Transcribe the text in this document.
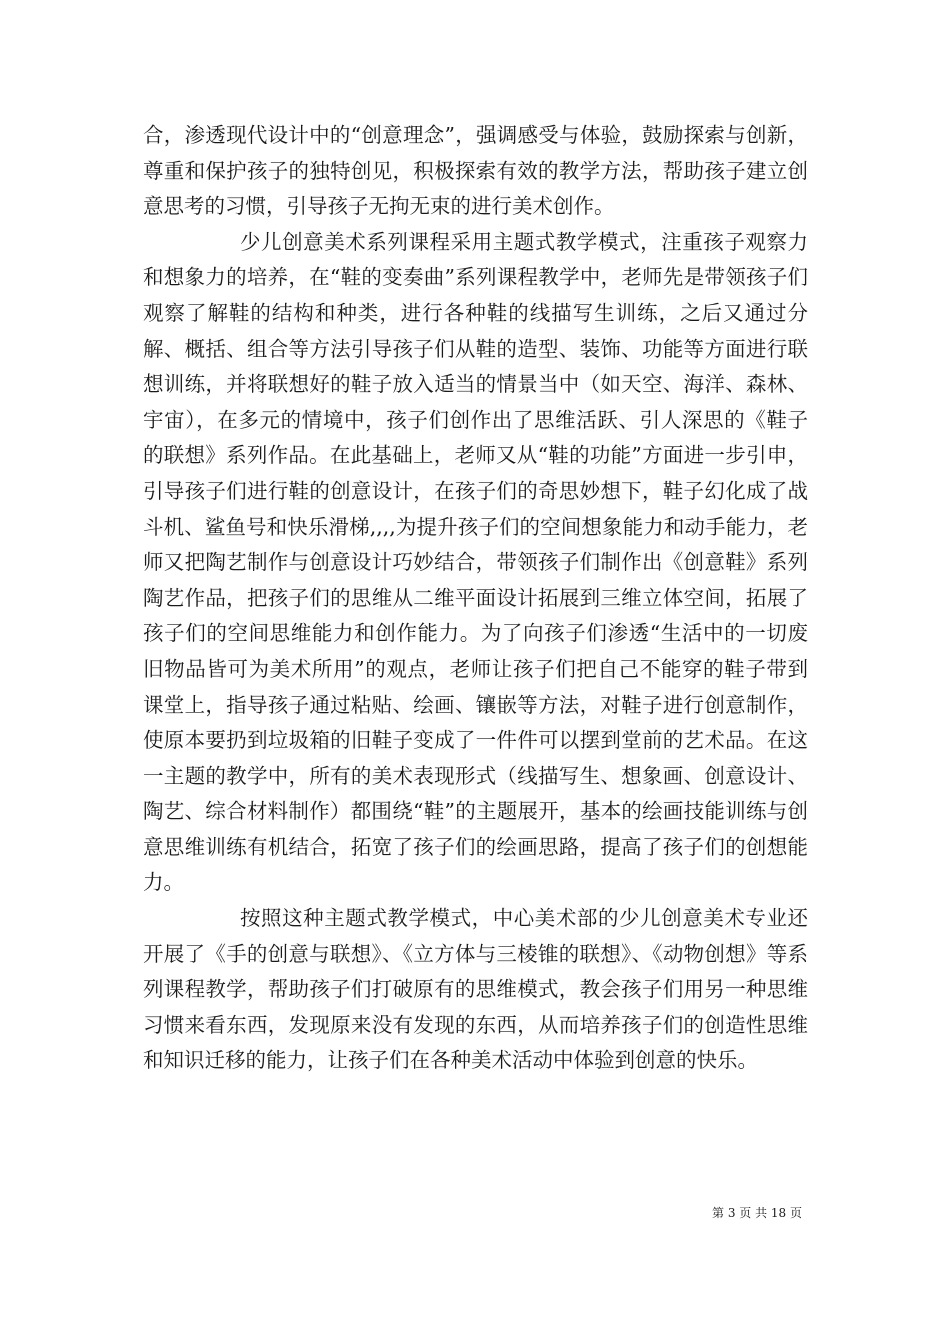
合，渗透现代设计中的“创意理念”，强调感受与体验，鼓励探索与创新，尊重和保护孩子的独特创见，积极探索有效的教学方法，帮助孩子建立创意思考的习惯，引导孩子无拘无束的进行美术创作。

少儿创意美术系列课程采用主题式教学模式，注重孩子观察力和想象力的培养，在“鞋的变奏曲”系列课程教学中，老师先是带领孩子们观察了解鞋的结构和种类，进行各种鞋的线描写生训练，之后又通过分解、概括、组合等方法引导孩子们从鞋的造型、装饰、功能等方面进行联想训练，并将联想好的鞋子放入适当的情景当中（如天空、海洋、森林、宇宙），在多元的情境中，孩子们创作出了思维活跃、引人深思的《鞋子的联想》系列作品。在此基础上，老师又从“鞋的功能”方面进一步引申，引导孩子们进行鞋的创意设计，在孩子们的奇思妙想下，鞋子幻化成了战斗机、鲨鱼号和快乐滑梯,,,,为提升孩子们的空间想象能力和动手能力，老师又把陶艺制作与创意设计巧妙结合，带领孩子们制作出《创意鞋》系列陶艺作品，把孩子们的思维从二维平面设计拓展到三维立体空间，拓展了孩子们的空间思维能力和创作能力。为了向孩子们渗透“生活中的一切废旧物品皆可为美术所用”的观点，老师让孩子们把自己不能穿的鞋子带到课堂上，指导孩子通过粘贴、绘画、镶嵌等方法，对鞋子进行创意制作，使原本要扔到垃圾箱的旧鞋子变成了一件件可以摆到堂前的艺术品。在这一主题的教学中，所有的美术表现形式（线描写生、想象画、创意设计、陶艺、综合材料制作）都围绕“鞋”的主题展开，基本的绘画技能训练与创意思维训练有机结合，拓宽了孩子们的绘画思路，提高了孩子们的创想能力。

按照这种主题式教学模式，中心美术部的少儿创意美术专业还开展了《手的创意与联想》、《立方体与三棱锥的联想》、《动物创想》等系列课程教学，帮助孩子们打破原有的思维模式，教会孩子们用另一种思维习惯来看东西，发现原来没有发现的东西，从而培养孩子们的创造性思维和知识迁移的能力，让孩子们在各种美术活动中体验到创意的快乐。

第 3 页 共 18 页
